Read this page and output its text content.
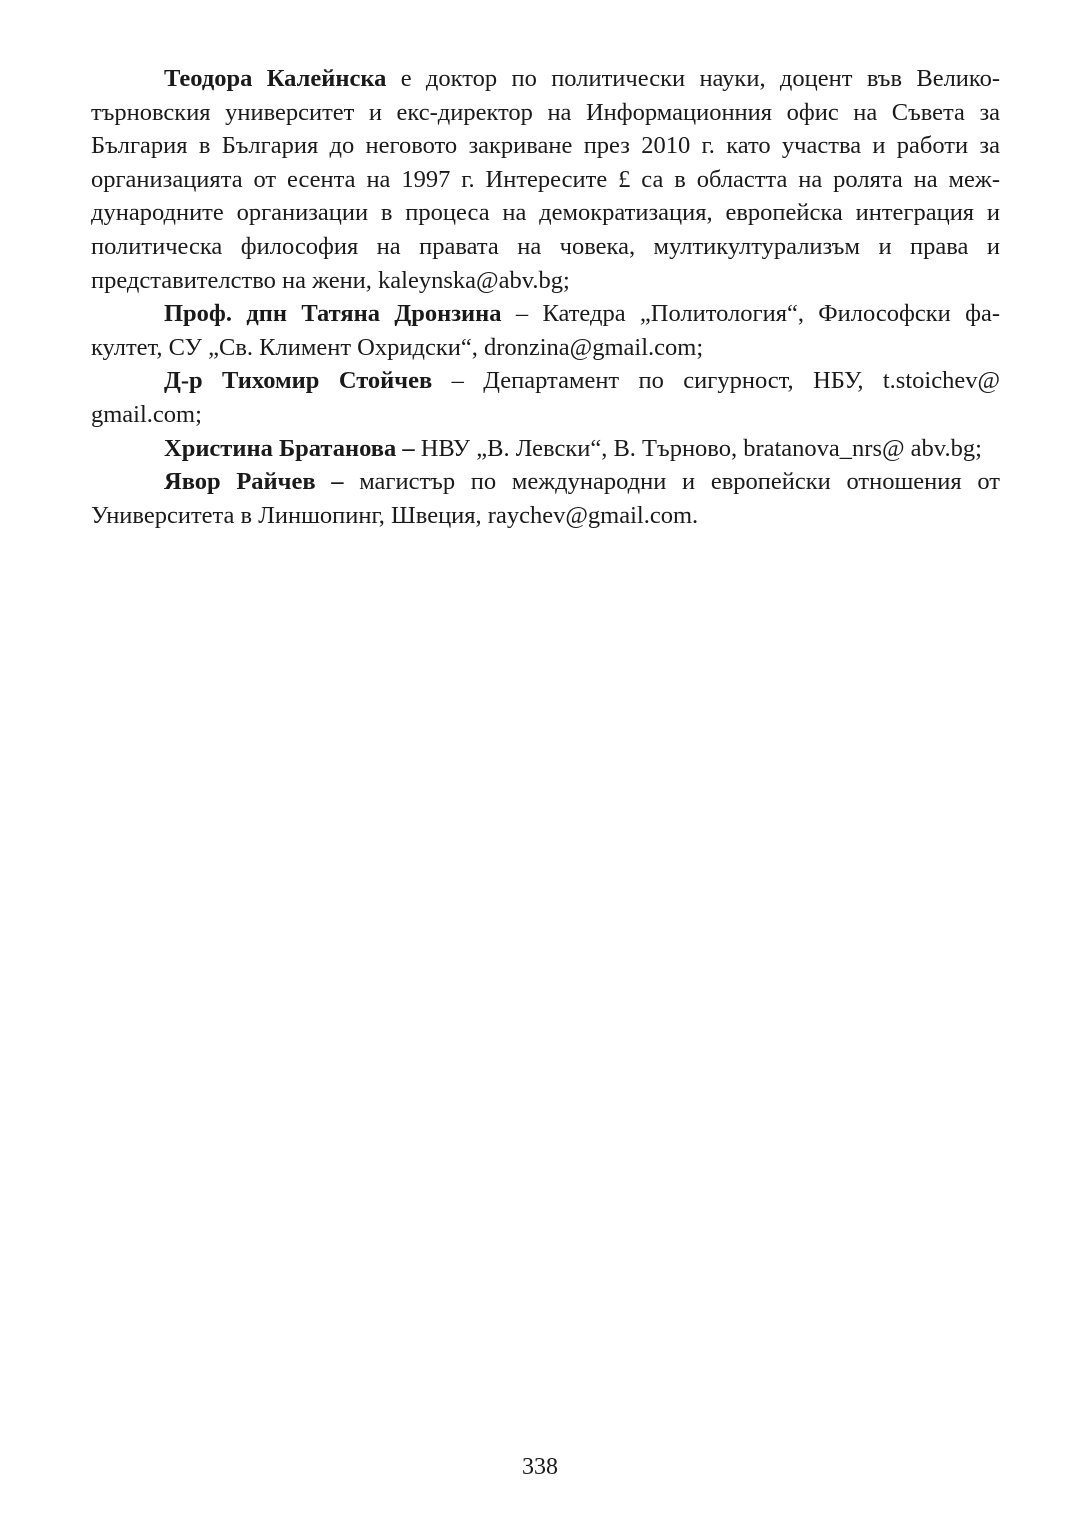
Теодора Калейнска е доктор по политически науки, доцент във Велико-търновския университет и екс-директор на Информационния офис на Съвета за България в България до неговото закриване през 2010 г. като участва и работи за организацията от есента на 1997 г. Интересите £ са в областта на ролята на меж-дународните организации в процеса на демократизация, европейска интеграция и политическа философия на правата на човека, мултикултурализъм и права и представителство на жени, kaleynska@abv.bg;

Проф. дпн Татяна Дронзина – Катедра „Политология“, Философски фа-култет, СУ „Св. Климент Охридски“, dronzina@gmail.com;

Д-р Тихомир Стойчев – Департамент по сигурност, НБУ, t.stoichev@ gmail.com;

Христина Братанова – НВУ „В. Левски“, В. Търново, bratanova_nrs@ abv.bg;

Явор Райчев – магистър по международни и европейски отношения от Университета в Линшопинг, Швеция, raychev@gmail.com.

338
